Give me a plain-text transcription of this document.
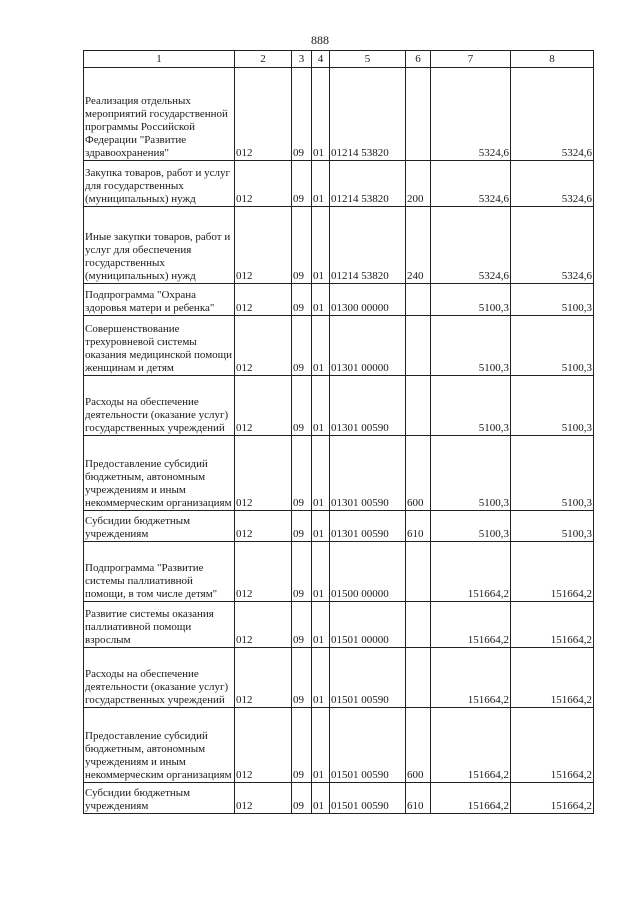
888
1	2	3	4	5	6	7	8
Реализация отдельных мероприятий государственной программы Российской Федерации "Развитие здравоохранения"	012	09	01	01214 53820		5324,6	5324,6
Закупка товаров, работ и услуг для государственных (муниципальных) нужд	012	09	01	01214 53820	200	5324,6	5324,6
Иные закупки товаров, работ и услуг для обеспечения государственных (муниципальных) нужд	012	09	01	01214 53820	240	5324,6	5324,6
Подпрограмма "Охрана здоровья матери и ребенка"	012	09	01	01300 00000		5100,3	5100,3
Совершенствование трехуровневой системы оказания медицинской помощи женщинам и детям	012	09	01	01301 00000		5100,3	5100,3
Расходы на обеспечение деятельности (оказание услуг) государственных учреждений	012	09	01	01301 00590		5100,3	5100,3
Предоставление субсидий бюджетным, автономным учреждениям и иным некоммерческим организациям	012	09	01	01301 00590	600	5100,3	5100,3
Субсидии бюджетным учреждениям	012	09	01	01301 00590	610	5100,3	5100,3
Подпрограмма "Развитие системы паллиативной помощи, в том числе детям"	012	09	01	01500 00000		151664,2	151664,2
Развитие системы оказания паллиативной помощи взрослым	012	09	01	01501 00000		151664,2	151664,2
Расходы на обеспечение деятельности (оказание услуг) государственных учреждений	012	09	01	01501 00590		151664,2	151664,2
Предоставление субсидий бюджетным, автономным учреждениям и иным некоммерческим организациям	012	09	01	01501 00590	600	151664,2	151664,2
Субсидии бюджетным учреждениям	012	09	01	01501 00590	610	151664,2	151664,2
